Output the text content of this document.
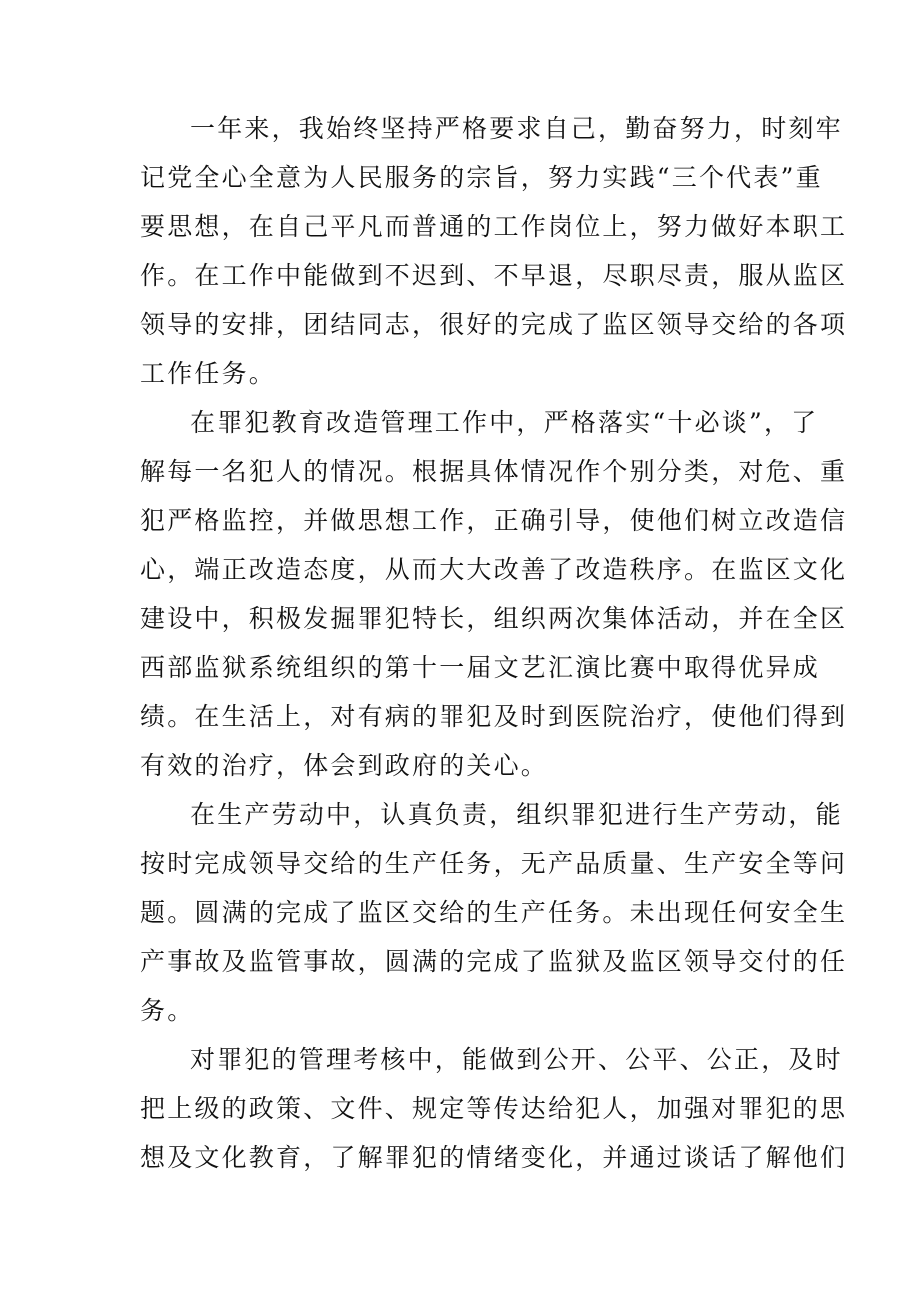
一年来，我始终坚持严格要求自己，勤奋努力，时刻牢
记党全心全意为人民服务的宗旨，努力实践“三个代表”重
要思想，在自己平凡而普通的工作岗位上，努力做好本职工
作。在工作中能做到不迟到、不早退，尽职尽责，服从监区
领导的安排，团结同志，很好的完成了监区领导交给的各项
工作任务。
在罪犯教育改造管理工作中，严格落实“十必谈”，了
解每一名犯人的情况。根据具体情况作个别分类，对危、重
犯严格监控，并做思想工作，正确引导，使他们树立改造信
心，端正改造态度，从而大大改善了改造秩序。在监区文化
建设中，积极发掘罪犯特长，组织两次集体活动，并在全区
西部监狱系统组织的第十一届文艺汇演比赛中取得优异成
绩。在生活上，对有病的罪犯及时到医院治疗，使他们得到
有效的治疗，体会到政府的关心。
在生产劳动中，认真负责，组织罪犯进行生产劳动，能
按时完成领导交给的生产任务，无产品质量、生产安全等问
题。圆满的完成了监区交给的生产任务。未出现任何安全生
产事故及监管事故，圆满的完成了监狱及监区领导交付的任
务。
对罪犯的管理考核中，能做到公开、公平、公正，及时
把上级的政策、文件、规定等传达给犯人，加强对罪犯的思
想及文化教育，了解罪犯的情绪变化，并通过谈话了解他们
